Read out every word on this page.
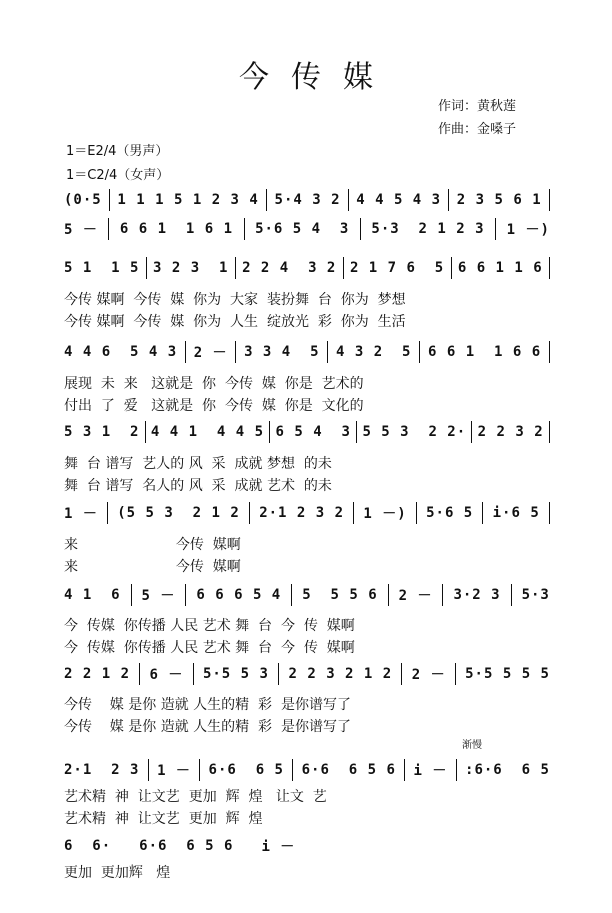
今传媒
作词：黄秋莲
作曲：金嗓子
1＝E2/4（男声）
1＝C2/4（女声）
(0·5 1 1 1 5 1 2 3 4 5·4 3 2 4 4 5 4 3 2 3 5 6 1
5 － 6 6 1  1 6 1 5·6 5 4  3 5·3  2 1 2 3 1 －)
5 1  1 5 3 2 3  1 2 2 4  3 2 2 1 7 6  5 6 6 1 1 6
今传 媒啊  今传  媒  你为  大家  装扮舞  台  你为  梦想
今传 媒啊  今传  媒  你为  人生  绽放光  彩  你为  生活
4 4 6  5 4 3 2 － 3 3 4  5 4 3 2  5 6 6 1  1 6 6
展现  未  来   这就是  你  今传  媒  你是  艺术的
付出  了  爱   这就是  你  今传  媒  你是  文化的
5 3 1  2 4 4 1  4 4 5 6 5 4  3 5 5 3  2 2· 2 2 3 2
舞  台 谱写  艺人的 风  采  成就 梦想  的未
舞  台 谱写  名人的 风  采  成就 艺术  的未
1 － (5 5 3  2 1 2 2·1 2 3 2 1 －) 5·6 5 i·6 5
来                      今传  媒啊
来                      今传  媒啊
4 1  6 5 － 6 6 6 5 4 5  5 5 6 2 － 3·2 3 5·3
今  传媒  你传播 人民 艺术 舞  台  今  传  媒啊
今  传媒  你传播 人民 艺术 舞  台  今  传  媒啊
2 2 1 2 6 － 5·5 5 3 2 2 3 2 1 2 2 － 5·5 5 5 5
今传    媒 是你 造就 人生的精  彩  是你谱写了
今传    媒 是你 造就 人生的精  彩  是你谱写了
渐慢
2·1  2 3 1 － 6·6  6 5 6·6  6 5 6 i － :6·6  6 5
艺术精  神  让文艺  更加  辉  煌   让文  艺
艺术精  神  让文艺  更加  辉  煌
6  6· 6·6  6 5 6 i －
更加  更加辉   煌
